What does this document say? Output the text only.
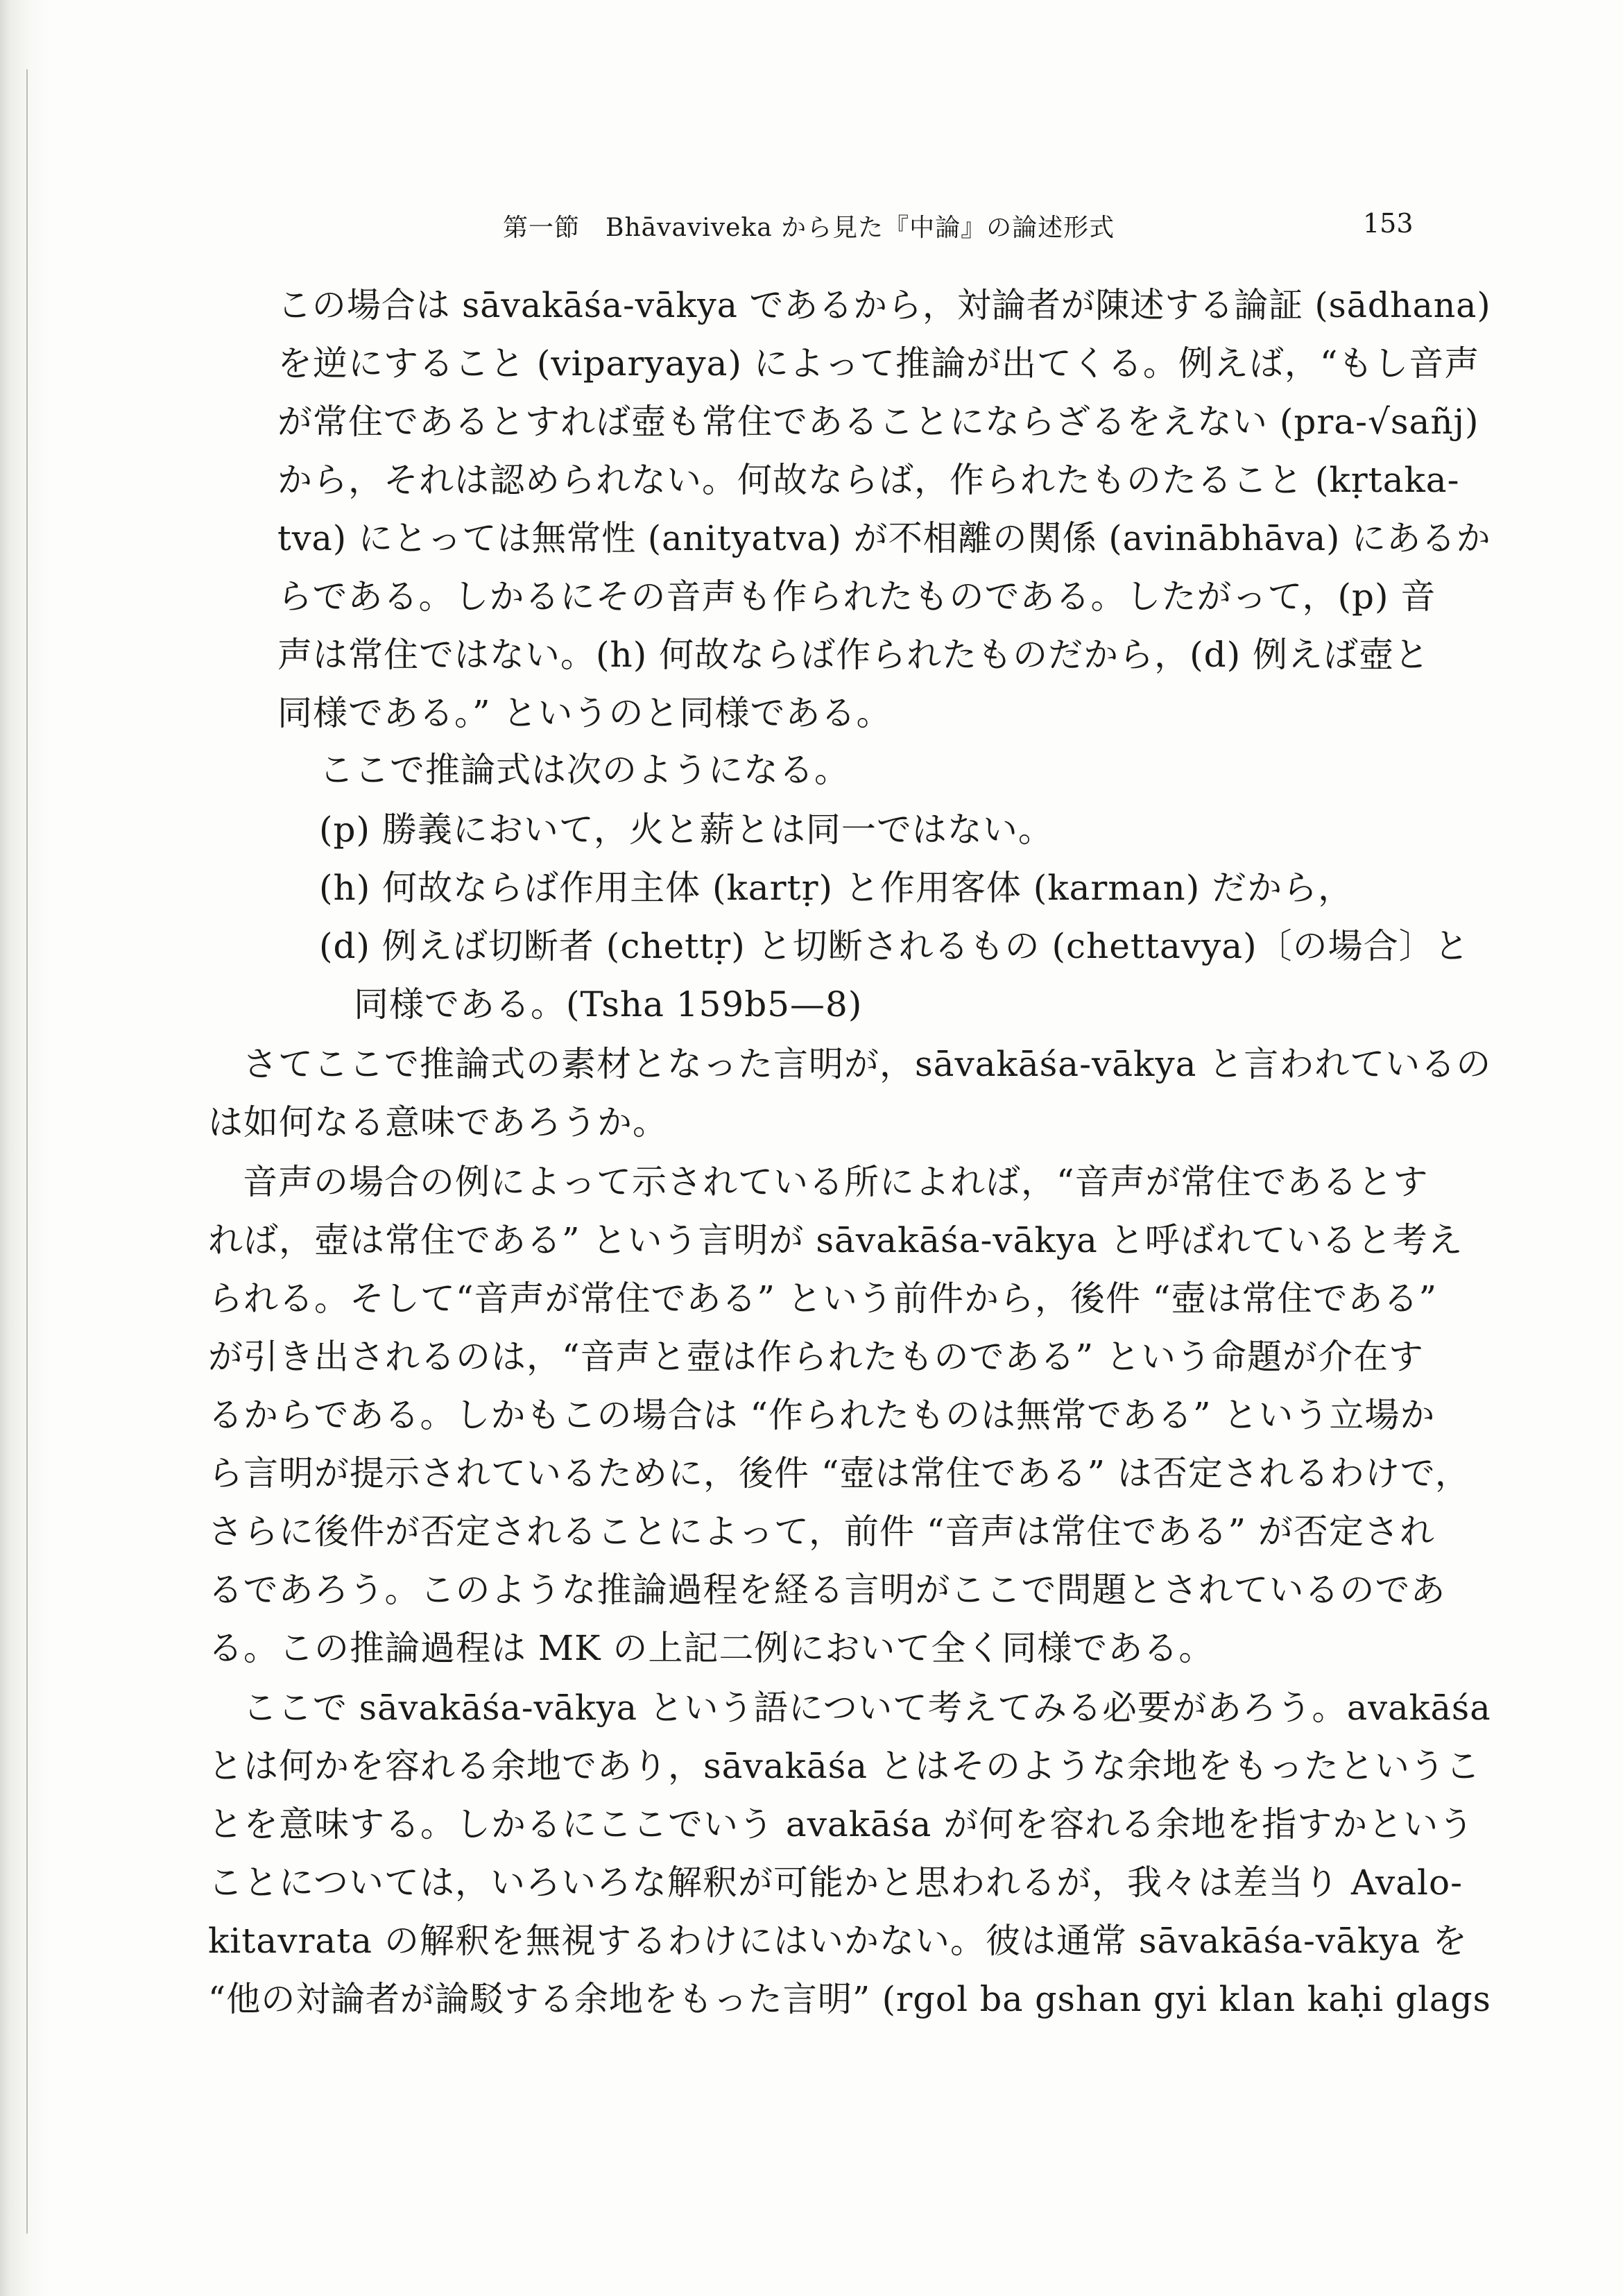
第一節　Bhāvaviveka から見た『中論』の論述形式	153
この場合は sāvakāśa-vākya であるから，対論者が陳述する論証 (sādhana)
を逆にすること (viparyaya) によって推論が出てくる。例えば，“もし音声
が常住であるとすれば壺も常住であることにならざるをえない (pra-√sañj)
から，それは認められない。何故ならば，作られたものたること (kṛtaka-
tva) にとっては無常性 (anityatva) が不相離の関係 (avinābhāva) にあるか
らである。しかるにその音声も作られたものである。したがって，(p) 音
声は常住ではない。(h) 何故ならば作られたものだから，(d) 例えば壺と
同様である。” というのと同様である。
ここで推論式は次のようになる。
(p) 勝義において，火と薪とは同一ではない。
(h) 何故ならば作用主体 (kartṛ) と作用客体 (karman) だから，
(d) 例えば切断者 (chettṛ) と切断されるもの (chettavya)〔の場合〕と
同様である。(Tsha 159b5—8)
さてここで推論式の素材となった言明が，sāvakāśa-vākya と言われているの
は如何なる意味であろうか。
音声の場合の例によって示されている所によれば，“音声が常住であるとす
れば，壺は常住である” という言明が sāvakāśa-vākya と呼ばれていると考え
られる。そして“音声が常住である” という前件から，後件 “壺は常住である”
が引き出されるのは，“音声と壺は作られたものである” という命題が介在す
るからである。しかもこの場合は “作られたものは無常である” という立場か
ら言明が提示されているために，後件 “壺は常住である” は否定されるわけで，
さらに後件が否定されることによって，前件 “音声は常住である” が否定され
るであろう。このような推論過程を経る言明がここで問題とされているのであ
る。この推論過程は MK の上記二例において全く同様である。
ここで sāvakāśa-vākya という語について考えてみる必要があろう。avakāśa
とは何かを容れる余地であり，sāvakāśa とはそのような余地をもったというこ
とを意味する。しかるにここでいう avakāśa が何を容れる余地を指すかという
ことについては，いろいろな解釈が可能かと思われるが，我々は差当り Avalo-
kitavrata の解釈を無視するわけにはいかない。彼は通常 sāvakāśa-vākya を
“他の対論者が論駁する余地をもった言明” (rgol ba gshan gyi klan kaḥi glags
